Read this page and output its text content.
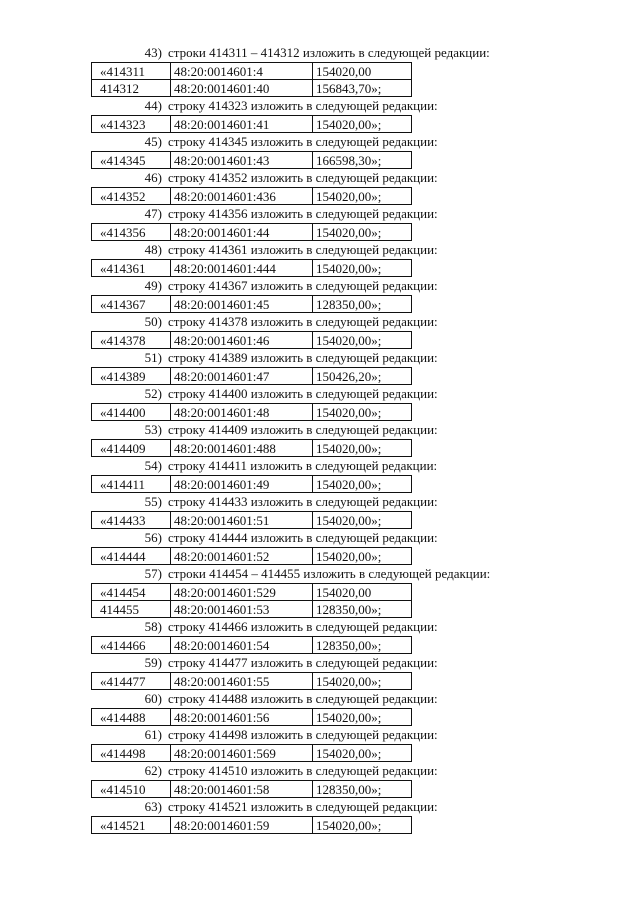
43) строки 414311 – 414312 изложить в следующей редакции:
«414311	48:20:0014601:4	154020,00
414312	48:20:0014601:40	156843,70»;
44) строку 414323 изложить в следующей редакции:
«414323	48:20:0014601:41	154020,00»;
45) строку 414345 изложить в следующей редакции:
«414345	48:20:0014601:43	166598,30»;
46) строку 414352 изложить в следующей редакции:
«414352	48:20:0014601:436	154020,00»;
47) строку 414356 изложить в следующей редакции:
«414356	48:20:0014601:44	154020,00»;
48) строку 414361 изложить в следующей редакции:
«414361	48:20:0014601:444	154020,00»;
49) строку 414367 изложить в следующей редакции:
«414367	48:20:0014601:45	128350,00»;
50) строку 414378 изложить в следующей редакции:
«414378	48:20:0014601:46	154020,00»;
51) строку 414389 изложить в следующей редакции:
«414389	48:20:0014601:47	150426,20»;
52) строку 414400 изложить в следующей редакции:
«414400	48:20:0014601:48	154020,00»;
53) строку 414409 изложить в следующей редакции:
«414409	48:20:0014601:488	154020,00»;
54) строку 414411 изложить в следующей редакции:
«414411	48:20:0014601:49	154020,00»;
55) строку 414433 изложить в следующей редакции:
«414433	48:20:0014601:51	154020,00»;
56) строку 414444 изложить в следующей редакции:
«414444	48:20:0014601:52	154020,00»;
57) строки 414454 – 414455 изложить в следующей редакции:
«414454	48:20:0014601:529	154020,00
414455	48:20:0014601:53	128350,00»;
58) строку 414466 изложить в следующей редакции:
«414466	48:20:0014601:54	128350,00»;
59) строку 414477 изложить в следующей редакции:
«414477	48:20:0014601:55	154020,00»;
60) строку 414488 изложить в следующей редакции:
«414488	48:20:0014601:56	154020,00»;
61) строку 414498 изложить в следующей редакции:
«414498	48:20:0014601:569	154020,00»;
62) строку 414510 изложить в следующей редакции:
«414510	48:20:0014601:58	128350,00»;
63) строку 414521 изложить в следующей редакции:
«414521	48:20:0014601:59	154020,00»;
